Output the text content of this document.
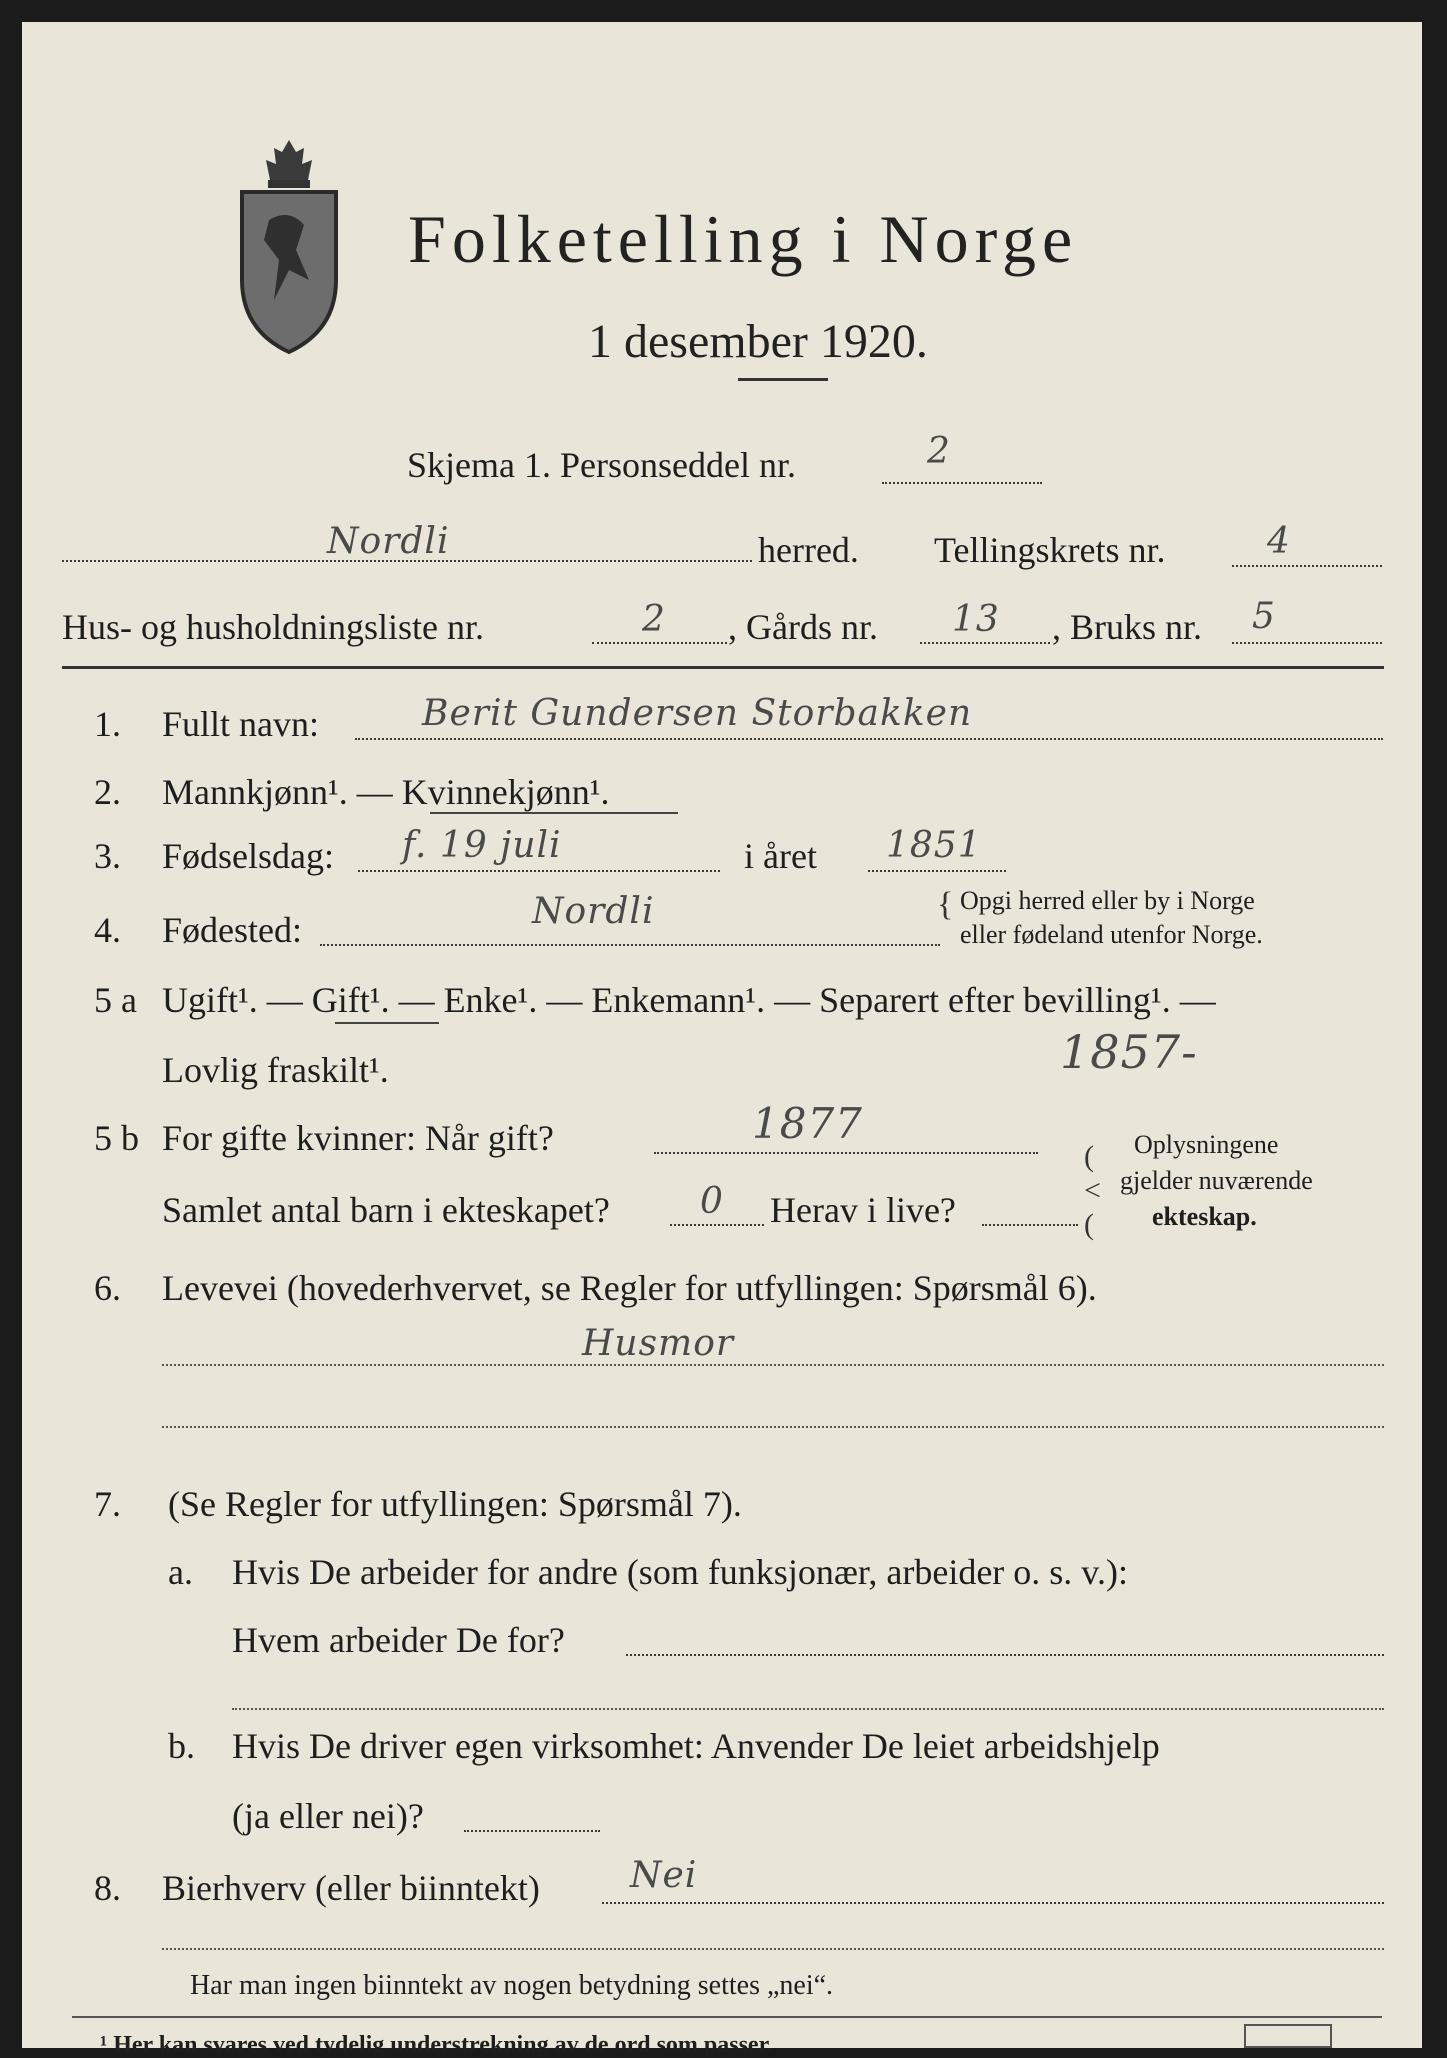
Folketelling i Norge
1 desember 1920.
Skjema 1. Personseddel nr.	2
Nordli	herred. Tellingskrets nr.	4
Hus- og husholdningsliste nr.	2 , Gårds nr. 13 , Bruks nr. 5
1. Fullt navn:	Berit Gundersen Storbakken
2. Mannkjønn¹. — Kvinnekjønn¹.
3. Fødselsdag: f. 19 juli	i året 1851
4. Fødested:	Nordli	{ Opgi herred eller by i Norge
eller fødeland utenfor Norge.
5 a Ugift¹. — Gift¹. — Enke¹. — Enkemann¹. — Separert efter bevilling¹. —
Lovlig fraskilt¹.	1857-
5 b For gifte kvinner: Når gift?	1877
Samlet antal barn i ekteskapet?	0 Herav i live?
(
<
(
Oplysningene
gjelder nuværende
ekteskap.
6. Levevei (hovederhvervet, se Regler for utfyllingen: Spørsmål 6).
Husmor
7. (Se Regler for utfyllingen: Spørsmål 7).
a. Hvis De arbeider for andre (som funksjonær, arbeider o. s. v.):
Hvem arbeider De for?
b. Hvis De driver egen virksomhet: Anvender De leiet arbeidshjelp
(ja eller nei)?
8. Bierhverv (eller biinntekt)	Nei
Har man ingen biinntekt av nogen betydning settes „nei“.
¹ Her kan svares ved tydelig understrekning av de ord som passer.
